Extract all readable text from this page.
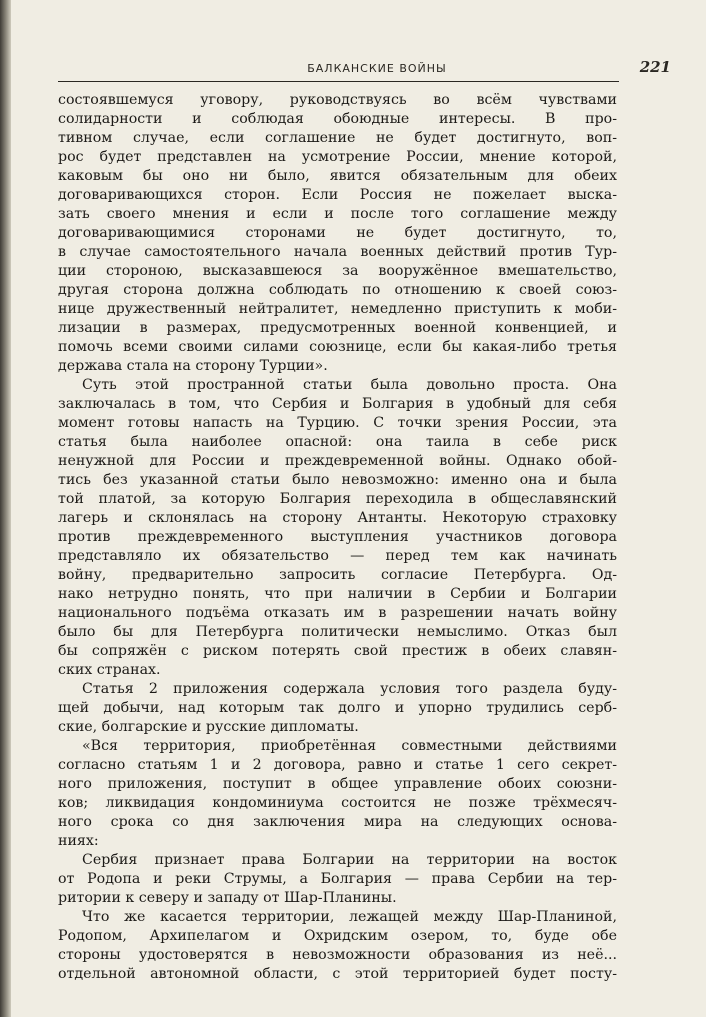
БАЛКАНСКИЕ ВОЙНЫ	221
состоявшемуся уговору, руководствуясь во всём чувствами
солидарности и соблюдая обоюдные интересы. В про-
тивном случае, если соглашение не будет достигнуто, воп-
рос будет представлен на усмотрение России, мнение которой,
каковым бы оно ни было, явится обязательным для обеих
договаривающихся сторон. Если Россия не пожелает выска-
зать своего мнения и если и после того соглашение между
договаривающимися сторонами не будет достигнуто, то,
в случае самостоятельного начала военных действий против Тур-
ции стороною, высказавшеюся за вооружённое вмешательство,
другая сторона должна соблюдать по отношению к своей союз-
нице дружественный нейтралитет, немедленно приступить к моби-
лизации в размерах, предусмотренных военной конвенцией, и
помочь всеми своими силами союзнице, если бы какая-либо третья
держава стала на сторону Турции».
Суть этой пространной статьи была довольно проста. Она
заключалась в том, что Сербия и Болгария в удобный для себя
момент готовы напасть на Турцию. С точки зрения России, эта
статья была наиболее опасной: она таила в себе риск
ненужной для России и преждевременной войны. Однако обой-
тись без указанной статьи было невозможно: именно она и была
той платой, за которую Болгария переходила в общеславянский
лагерь и склонялась на сторону Антанты. Некоторую страховку
против преждевременного выступления участников договора
представляло их обязательство — перед тем как начинать
войну, предварительно запросить согласие Петербурга. Од-
нако нетрудно понять, что при наличии в Сербии и Болгарии
национального подъёма отказать им в разрешении начать войну
было бы для Петербурга политически немыслимо. Отказ был
бы сопряжён с риском потерять свой престиж в обеих славян-
ских странах.
Статья 2 приложения содержала условия того раздела буду-
щей добычи, над которым так долго и упорно трудились серб-
ские, болгарские и русские дипломаты.
«Вся территория, приобретённая совместными действиями
согласно статьям 1 и 2 договора, равно и статье 1 сего секрет-
ного приложения, поступит в общее управление обоих союзни-
ков; ликвидация кондоминиума состоится не позже трёхмесяч-
ного срока со дня заключения мира на следующих основа-
ниях:
Сербия признает права Болгарии на территории на восток
от Родопа и реки Струмы, а Болгария — права Сербии на тер-
ритории к северу и западу от Шар-Планины.
Что же касается территории, лежащей между Шар-Планиной,
Родопом, Архипелагом и Охридским озером, то, буде обе
стороны удостоверятся в невозможности образования из неё...
отдельной автономной области, с этой территорией будет посту-
